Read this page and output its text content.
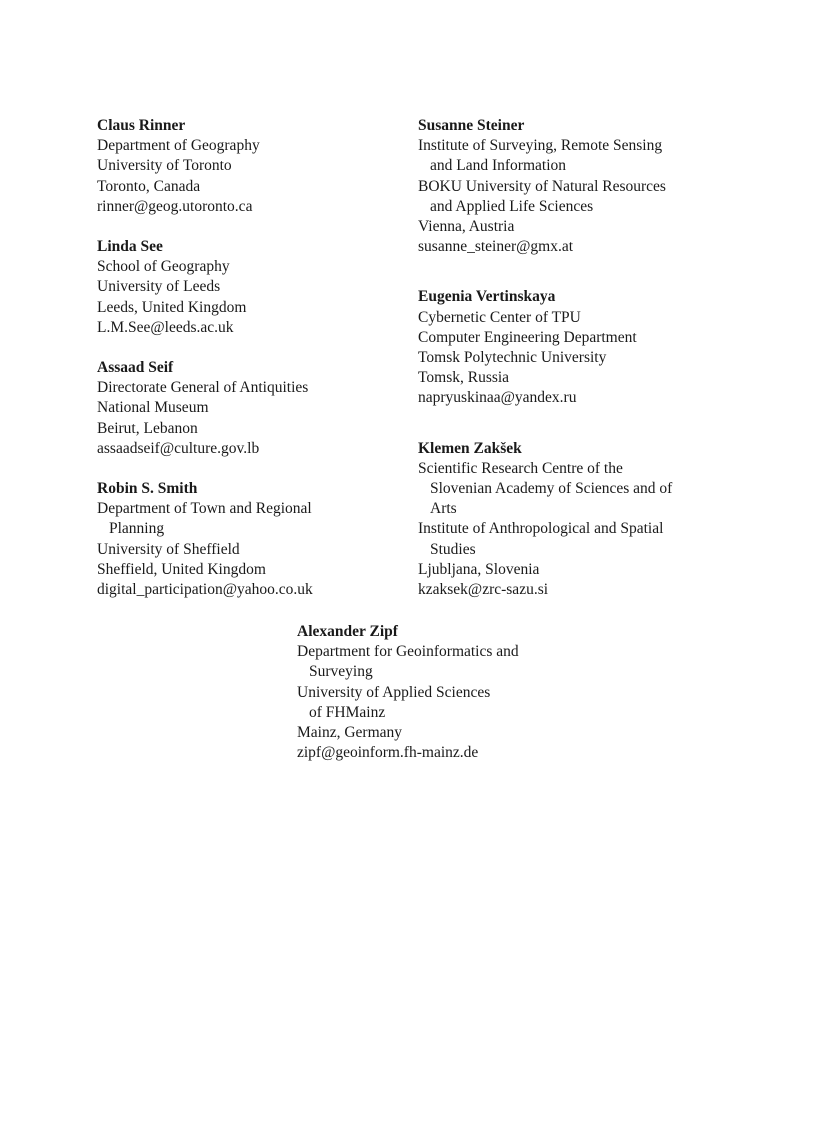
Claus Rinner
Department of Geography
University of Toronto
Toronto, Canada
rinner@geog.utoronto.ca
Linda See
School of Geography
University of Leeds
Leeds, United Kingdom
L.M.See@leeds.ac.uk
Assaad Seif
Directorate General of Antiquities
National Museum
Beirut, Lebanon
assaadseif@culture.gov.lb
Robin S. Smith
Department of Town and Regional
Planning
University of Sheffield
Sheffield, United Kingdom
digital_participation@yahoo.co.uk
Susanne Steiner
Institute of Surveying, Remote Sensing
and Land Information
BOKU University of Natural Resources
and Applied Life Sciences
Vienna, Austria
susanne_steiner@gmx.at
Eugenia Vertinskaya
Cybernetic Center of TPU
Computer Engineering Department
Tomsk Polytechnic University
Tomsk, Russia
napryuskinaa@yandex.ru
Klemen Zakšek
Scientific Research Centre of the
Slovenian Academy of Sciences and of
Arts
Institute of Anthropological and Spatial
Studies
Ljubljana, Slovenia
kzaksek@zrc-sazu.si
Alexander Zipf
Department for Geoinformatics and
Surveying
University of Applied Sciences
of FHMainz
Mainz, Germany
zipf@geoinform.fh-mainz.de
